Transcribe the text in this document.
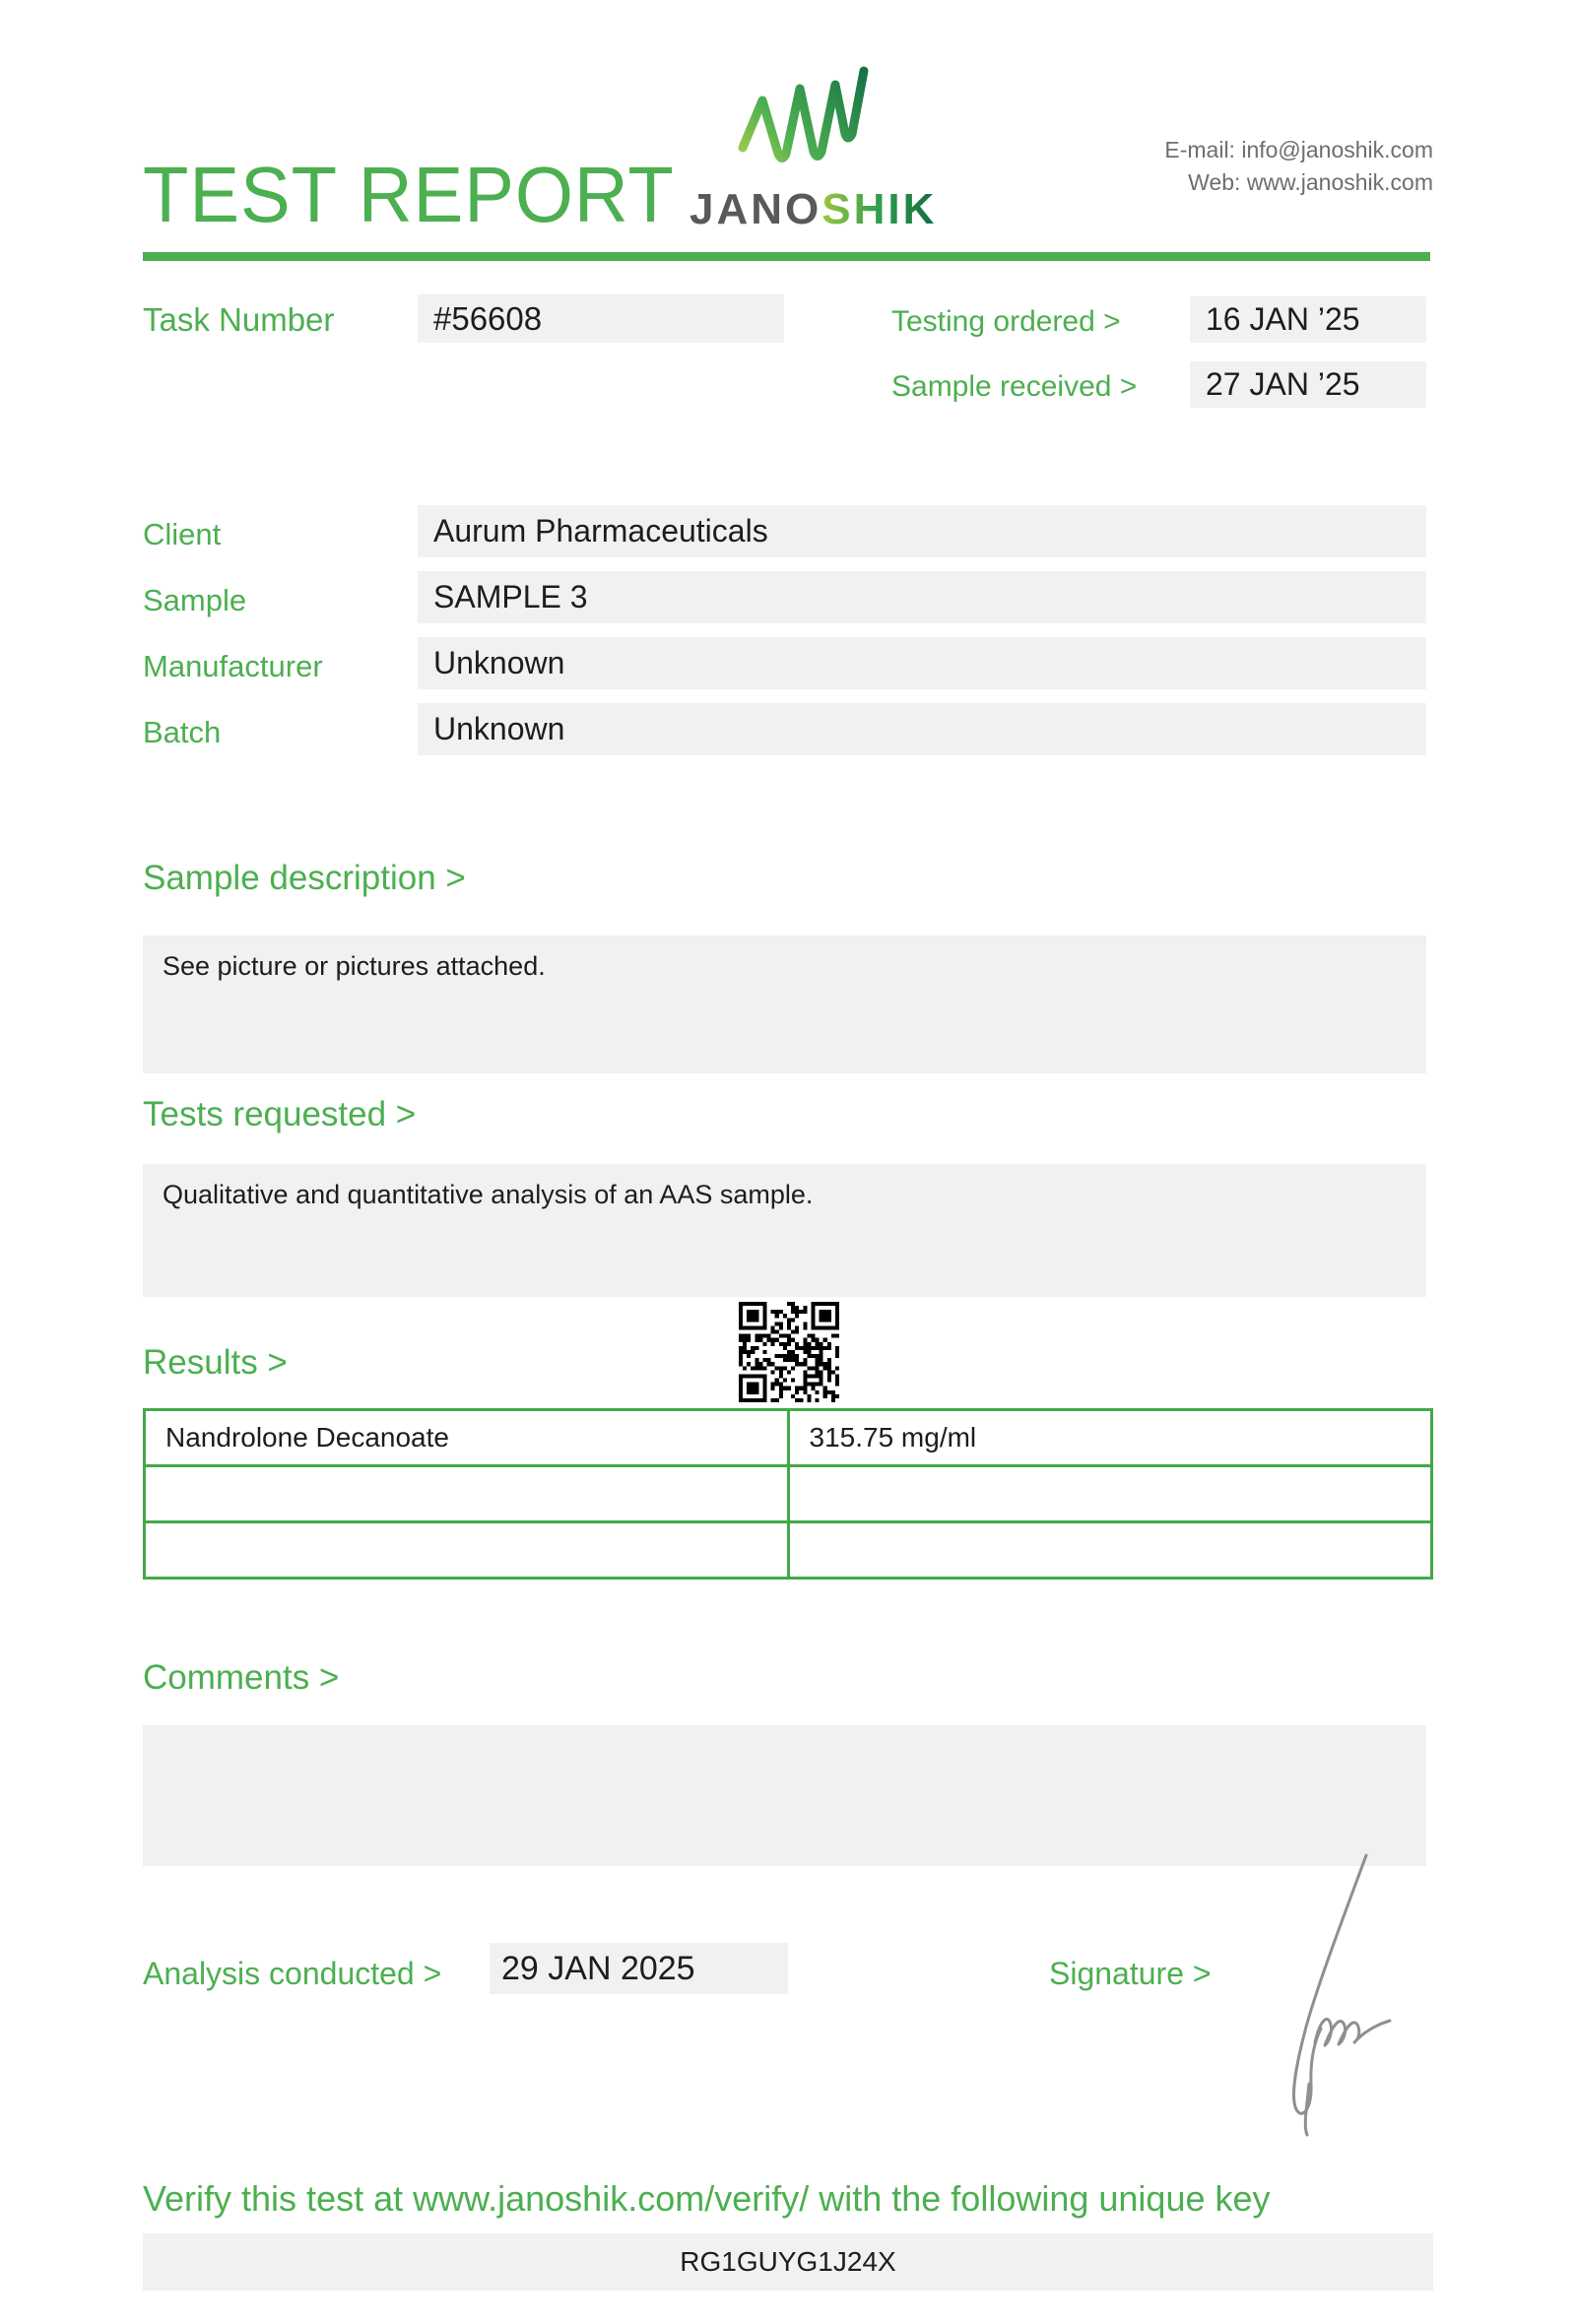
TEST REPORT JANOSHIK
E-mail: info@janoshik.com
Web: www.janoshik.com
Task Number	#56608	Testing ordered >	16 JAN ’25
Sample received >	27 JAN ’25
Client	Aurum Pharmaceuticals
Sample	SAMPLE 3
Manufacturer	Unknown
Batch	Unknown
Sample description >
See picture or pictures attached.
Tests requested >
Qualitative and quantitative analysis of an AAS sample.
Results >
Nandrolone Decanoate	315.75 mg/ml

Comments >
Analysis conducted >	29 JAN 2025	Signature >
Verify this test at www.janoshik.com/verify/ with the following unique key
RG1GUYG1J24X
